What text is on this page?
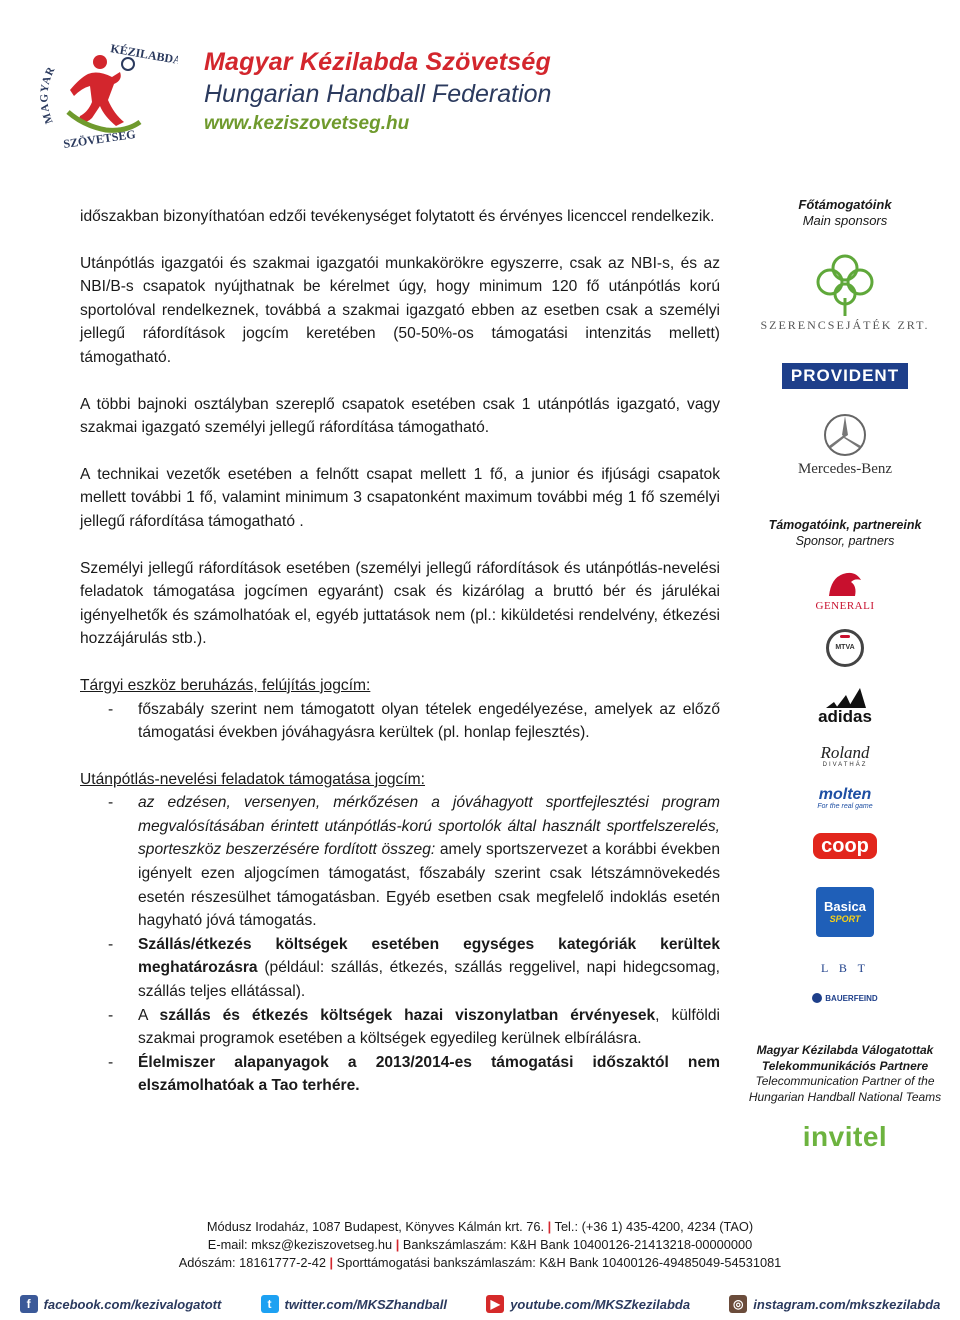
MAGYAR
KÉZILABDA
SZÖVETSÉG
Magyar Kézilabda Szövetség
Hungarian Handball Federation
www.keziszovetseg.hu

időszakban bizonyíthatóan edzői tevékenységet folytatott és érvényes licenccel rendelkezik.

Utánpótlás igazgatói és szakmai igazgatói munkakörökre egyszerre, csak az NBI-s, és az NBI/B-s csapatok nyújthatnak be kérelmet úgy, hogy minimum 120 fő utánpótlás korú sportolóval rendelkeznek, továbbá a szakmai igazgató ebben az esetben csak a személyi jellegű ráfordítások jogcím keretében (50-50%-os támogatási intenzitás mellett) támogatható.

A többi bajnoki osztályban szereplő csapatok esetében csak 1 utánpótlás igazgató, vagy szakmai igazgató személyi jellegű ráfordítása támogatható.

A technikai vezetők esetében a felnőtt csapat mellett 1 fő, a junior és ifjúsági csapatok mellett további 1 fő, valamint minimum 3 csapatonként maximum további még 1 fő személyi jellegű ráfordítása támogatható .

Személyi jellegű ráfordítások esetében (személyi jellegű ráfordítások és utánpótlás-nevelési feladatok támogatása jogcímen egyaránt) csak és kizárólag a bruttó bér és járulékai igényelhetők és számolhatóak el, egyéb juttatások nem (pl.: kiküldetési rendelvény, étkezési hozzájárulás stb.).

Tárgyi eszköz beruházás, felújítás jogcím:

-	főszabály szerint nem támogatott olyan tételek engedélyezése, amelyek az előző támogatási években jóváhagyásra kerültek (pl. honlap fejlesztés).

Utánpótlás-nevelési feladatok támogatása jogcím:

-	az edzésen, versenyen, mérkőzésen a jóváhagyott sportfejlesztési program megvalósításában érintett utánpótlás-korú sportolók által használt sportfelszerelés, sporteszköz beszerzésére fordított összeg: amely sportszervezet a korábbi években igényelt ezen aljogcímen támogatást, főszabály szerint csak létszámnövekedés esetén részesülhet támogatásban. Egyéb esetben csak megfelelő indoklás esetén hagyható jóvá támogatás.
-	Szállás/étkezés költségek esetében egységes kategóriák kerültek meghatározásra (például: szállás, étkezés, szállás reggelivel, napi hidegcsomag, szállás teljes ellátással).
-	A szállás és étkezés költségek hazai viszonylatban érvényesek, külföldi szakmai programok esetében a költségek egyedileg kerülnek elbírálásra.
-	Élelmiszer alapanyagok a 2013/2014-es támogatási időszaktól nem elszámolhatóak a Tao terhére.
Főtámogatóink
Main sponsors
SZERENCSEJÁTÉK ZRT.
PROVIDENT
Mercedes-Benz
Támogatóink, partnereink
Sponsor, partners
GENERALI
MTVA
adidas
Roland
DIVATHÁZ
molten
For the real game
coop
Basica
SPORT
L B T
BAUERFEIND
Magyar Kézilabda Válogatottak
Telekommunikációs Partnere
Telecommunication Partner of the
Hungarian Handball National Teams
invitel
Módusz Irodaház, 1087 Budapest, Könyves Kálmán krt. 76. | Tel.: (+36 1) 435-4200, 4234 (TAO)
E-mail: mksz@keziszovetseg.hu | Bankszámlaszám: K&H Bank 10400126-21413218-00000000
Adószám: 18161777-2-42 | Sporttámogatási bankszámlaszám: K&H Bank 10400126-49485049-54531081
f	facebook.com/kezivalogatott	t	twitter.com/MKSZhandball	▶ youtube.com/MKSZkezilabda	◎ instagram.com/mkszkezilabda
